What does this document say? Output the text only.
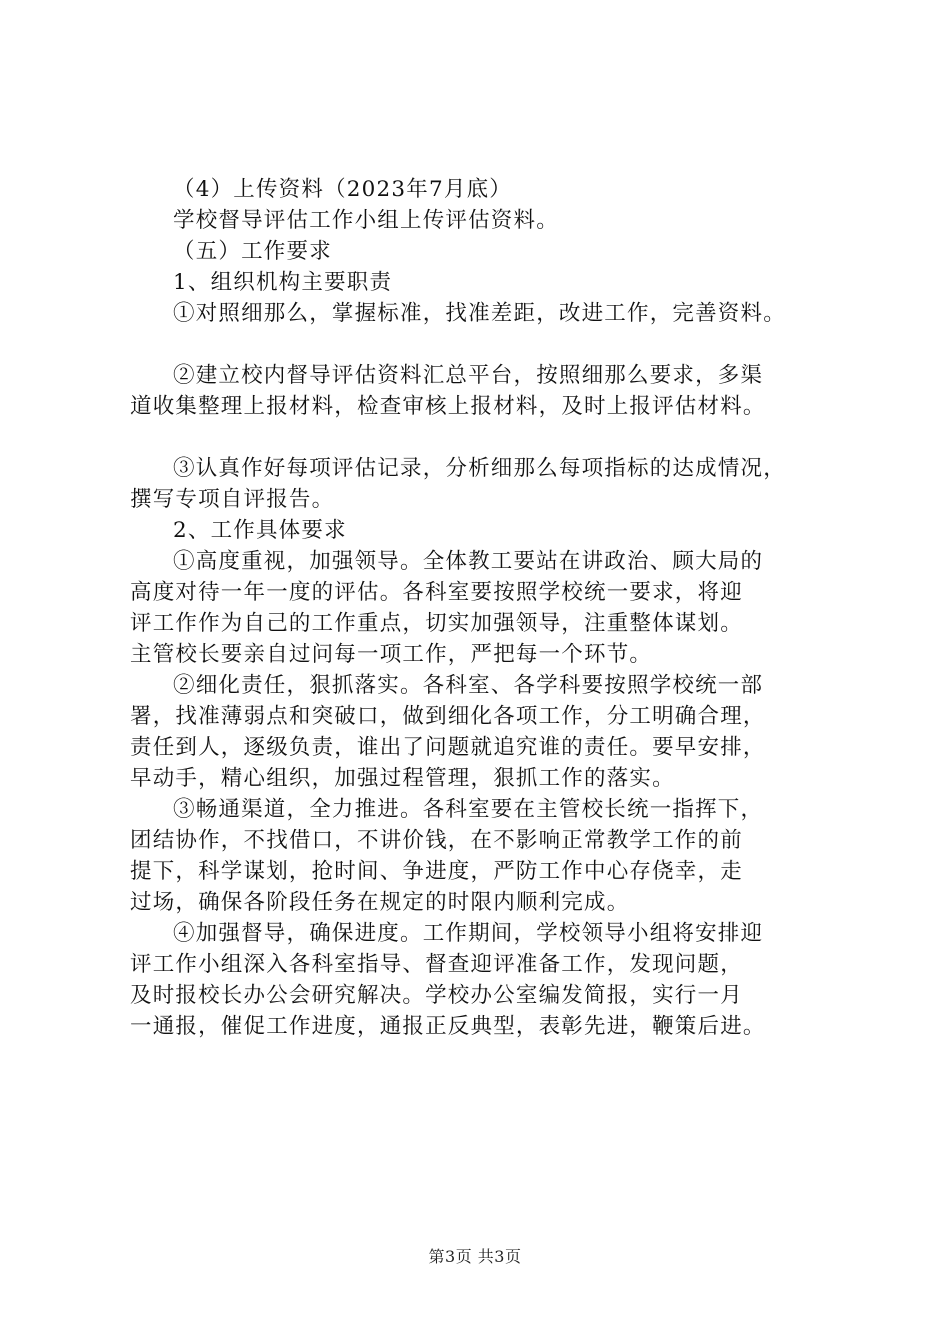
（4）上传资料（2023年7月底）
学校督导评估工作小组上传评估资料。
（五）工作要求
1、组织机构主要职责
①对照细那么，掌握标准，找准差距，改进工作，完善资料。
②建立校内督导评估资料汇总平台，按照细那么要求，多渠
道收集整理上报材料，检查审核上报材料，及时上报评估材料。
③认真作好每项评估记录，分析细那么每项指标的达成情况，
撰写专项自评报告。
2、工作具体要求
①高度重视，加强领导。全体教工要站在讲政治、顾大局的
高度对待一年一度的评估。各科室要按照学校统一要求，将迎
评工作作为自己的工作重点，切实加强领导，注重整体谋划。
主管校长要亲自过问每一项工作，严把每一个环节。
②细化责任，狠抓落实。各科室、各学科要按照学校统一部
署，找准薄弱点和突破口，做到细化各项工作，分工明确合理，
责任到人，逐级负责，谁出了问题就追究谁的责任。要早安排，
早动手，精心组织，加强过程管理，狠抓工作的落实。
③畅通渠道，全力推进。各科室要在主管校长统一指挥下，
团结协作，不找借口，不讲价钱，在不影响正常教学工作的前
提下，科学谋划，抢时间、争进度，严防工作中心存侥幸，走
过场，确保各阶段任务在规定的时限内顺利完成。
④加强督导，确保进度。工作期间，学校领导小组将安排迎
评工作小组深入各科室指导、督查迎评准备工作，发现问题，
及时报校长办公会研究解决。学校办公室编发简报，实行一月
一通报，催促工作进度，通报正反典型，表彰先进，鞭策后进。
第3页 共3页
